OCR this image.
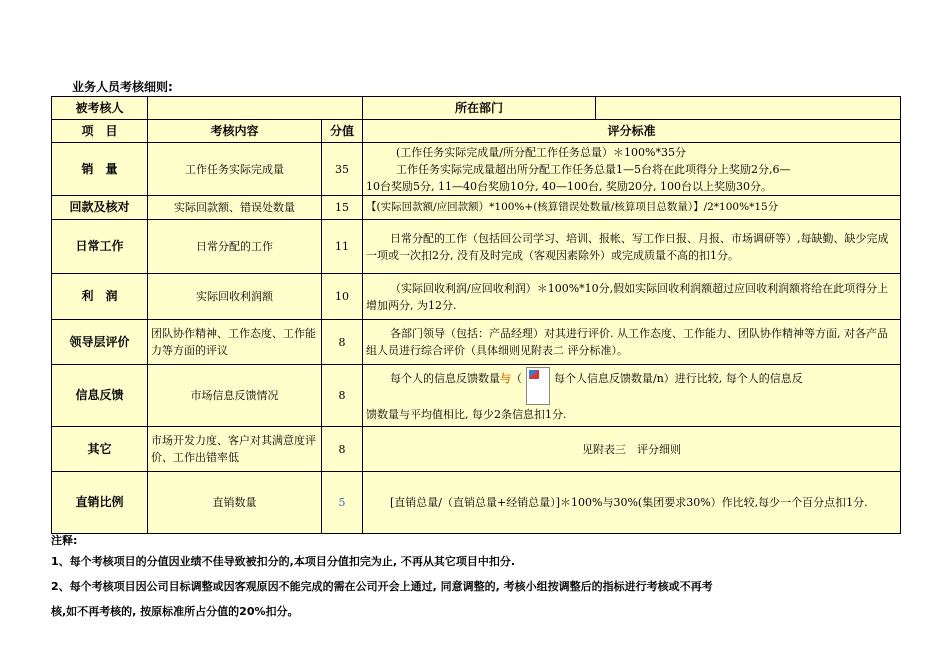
业务人员考核细则:
被考核人			所在部门	
项　目	考核内容	分值	评分标准	
销　量	工作任务实际完成量	35	(工作任务实际完成量/所分配工作任务总量）＊100%*35分
工作任务实际完成量超出所分配工作任务总量1—5台将在此项得分上奖励2分,6—
10台奖励5分, 11—40台奖励10分, 40—100台, 奖励20分, 100台以上奖励30分。	

回款及核对	实际回款额、错误处数量	15	【(实际回款额/应回款额）*100%+(核算错误处数量/核算项目总数量）】/2*100%*15分	
日常工作	日常分配的工作	11	日常分配的工作（包括回公司学习、培训、报帐、写工作日报、月报、市场调研等）,每缺勤、缺少完成一项或一次扣2分, 没有及时完成（客观因素除外）或完成质量不高的扣1分。	
利　润	实际回收利润额	10	（实际回收利润/应回收利润）＊100%*10分,假如实际回收利润额超过应回收利润额将给在此项得分上增加两分, 为12分.	
领导层评价	团队协作精神、工作态度、工作能力等方面的评议	8	各部门领导（包括：产品经理）对其进行评价. 从工作态度、工作能力、团队协作精神等方面, 对各产品组人员进行综合评价（具体细则见附表二 评分标准）。	
信息反馈	市场信息反馈情况	8	每个人的信息反馈数量与（ 每个人信息反馈数量/n）进行比较, 每个人的信息反
馈数量与平均值相比, 每少2条信息扣1分.	

其它	市场开发力度、客户对其满意度评价、工作出错率低	8	见附表三　评分细则	
直销比例	直销数量	5	[直销总量/（直销总量+经销总量）]＊100%与30%(集团要求30%）作比较,每少一个百分点扣1分.	
注释:
1、每个考核项目的分值因业绩不佳导致被扣分的,本项目分值扣完为止, 不再从其它项目中扣分.
2、每个考核项目因公司目标调整或因客观原因不能完成的需在公司开会上通过, 同意调整的, 考核小组按调整后的指标进行考核或不再考
核,如不再考核的, 按原标准所占分值的20%扣分。
